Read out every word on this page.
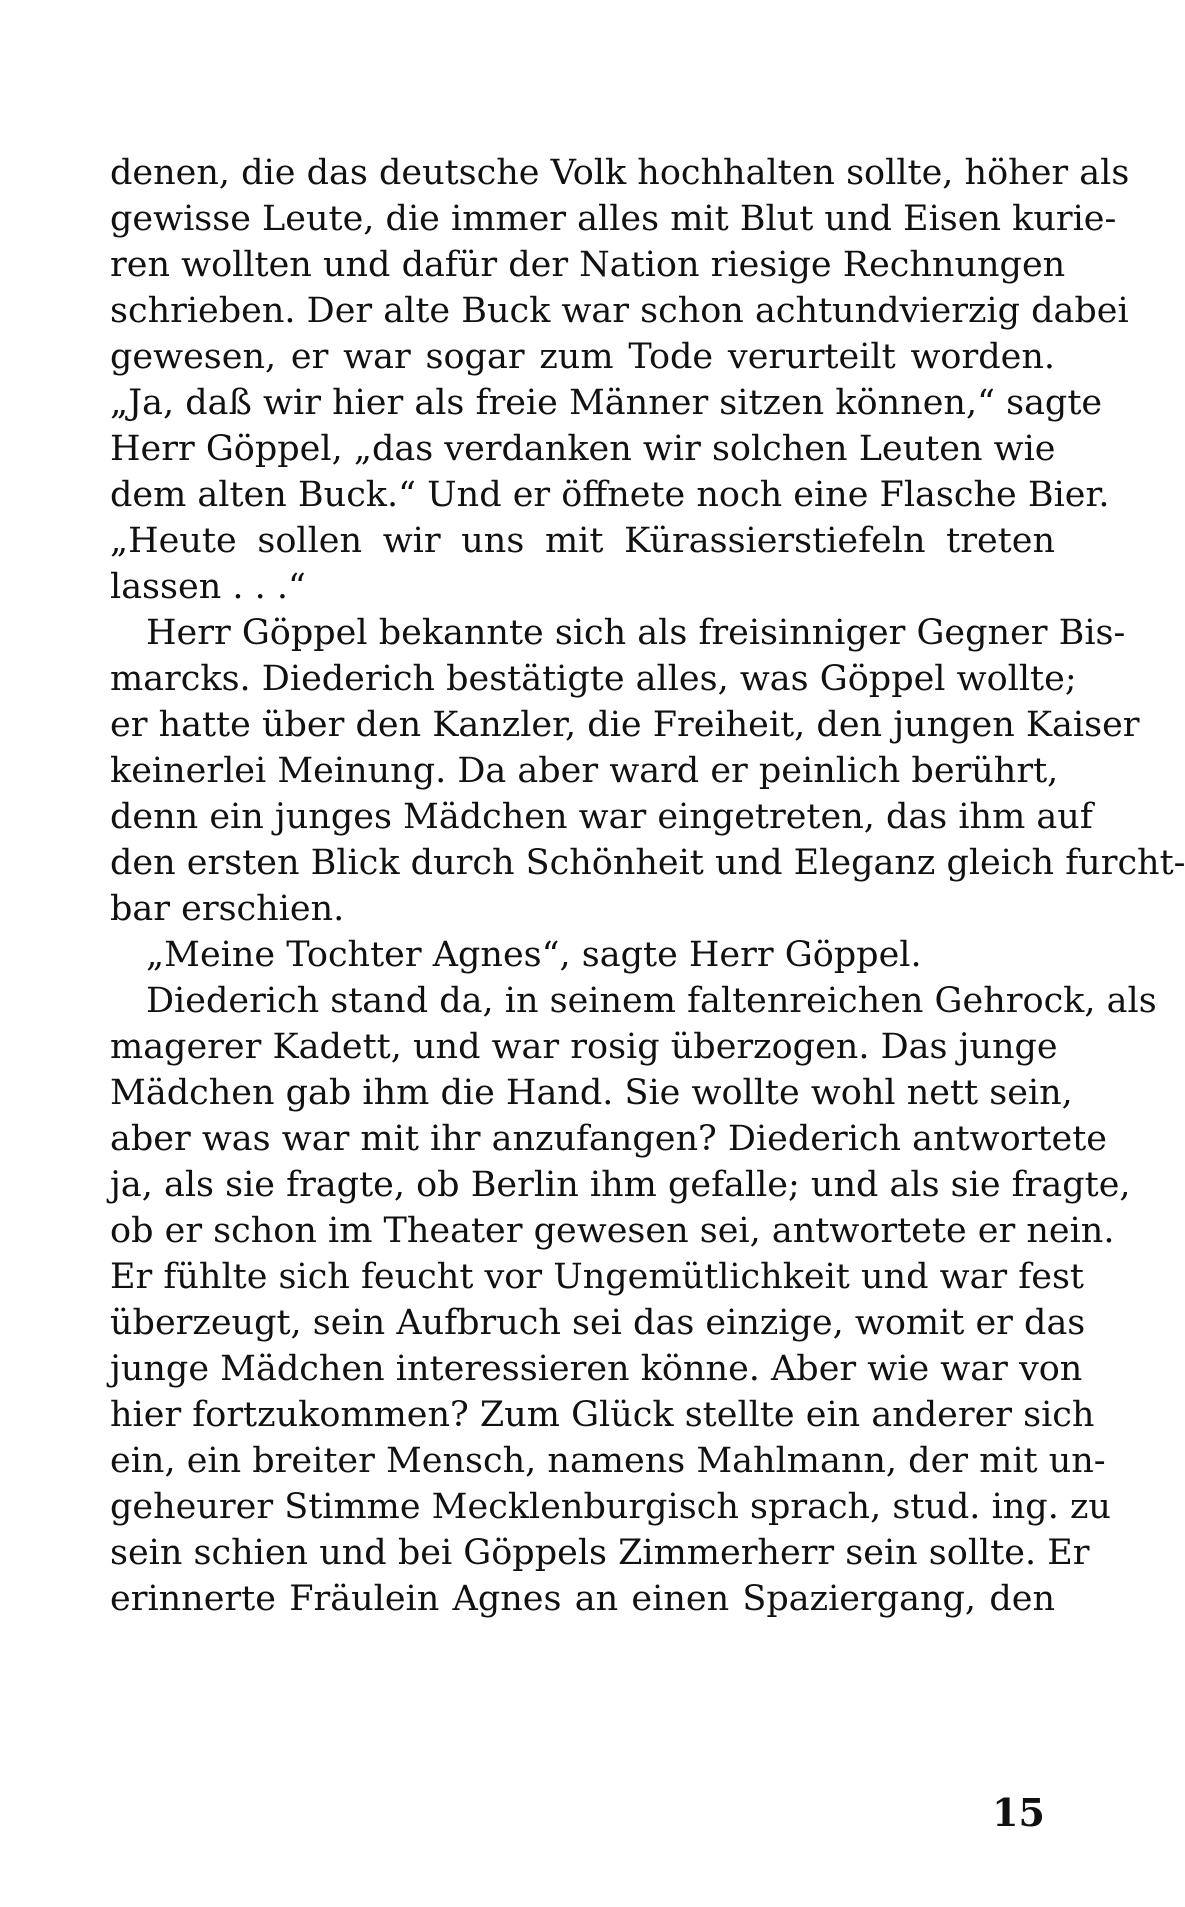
denen, die das deutsche Volk hochhalten sollte, höher als
gewisse Leute, die immer alles mit Blut und Eisen kurie-
ren wollten und dafür der Nation riesige Rechnungen
schrieben. Der alte Buck war schon achtundvierzig dabei
gewesen, er war sogar zum Tode verurteilt worden.
„Ja, daß wir hier als freie Männer sitzen können,“ sagte
Herr Göppel, „das verdanken wir solchen Leuten wie
dem alten Buck.“ Und er öffnete noch eine Flasche Bier.
„Heute sollen wir uns mit Kürassierstiefeln treten
lassen . . .“
Herr Göppel bekannte sich als freisinniger Gegner Bis-
marcks. Diederich bestätigte alles, was Göppel wollte;
er hatte über den Kanzler, die Freiheit, den jungen Kaiser
keinerlei Meinung. Da aber ward er peinlich berührt,
denn ein junges Mädchen war eingetreten, das ihm auf
den ersten Blick durch Schönheit und Eleganz gleich furcht-
bar erschien.
„Meine Tochter Agnes“, sagte Herr Göppel.
Diederich stand da, in seinem faltenreichen Gehrock, als
magerer Kadett, und war rosig überzogen. Das junge
Mädchen gab ihm die Hand. Sie wollte wohl nett sein,
aber was war mit ihr anzufangen? Diederich antwortete
ja, als sie fragte, ob Berlin ihm gefalle; und als sie fragte,
ob er schon im Theater gewesen sei, antwortete er nein.
Er fühlte sich feucht vor Ungemütlichkeit und war fest
überzeugt, sein Aufbruch sei das einzige, womit er das
junge Mädchen interessieren könne. Aber wie war von
hier fortzukommen? Zum Glück stellte ein anderer sich
ein, ein breiter Mensch, namens Mahlmann, der mit un-
geheurer Stimme Mecklenburgisch sprach, stud. ing. zu
sein schien und bei Göppels Zimmerherr sein sollte. Er
erinnerte Fräulein Agnes an einen Spaziergang, den
15
